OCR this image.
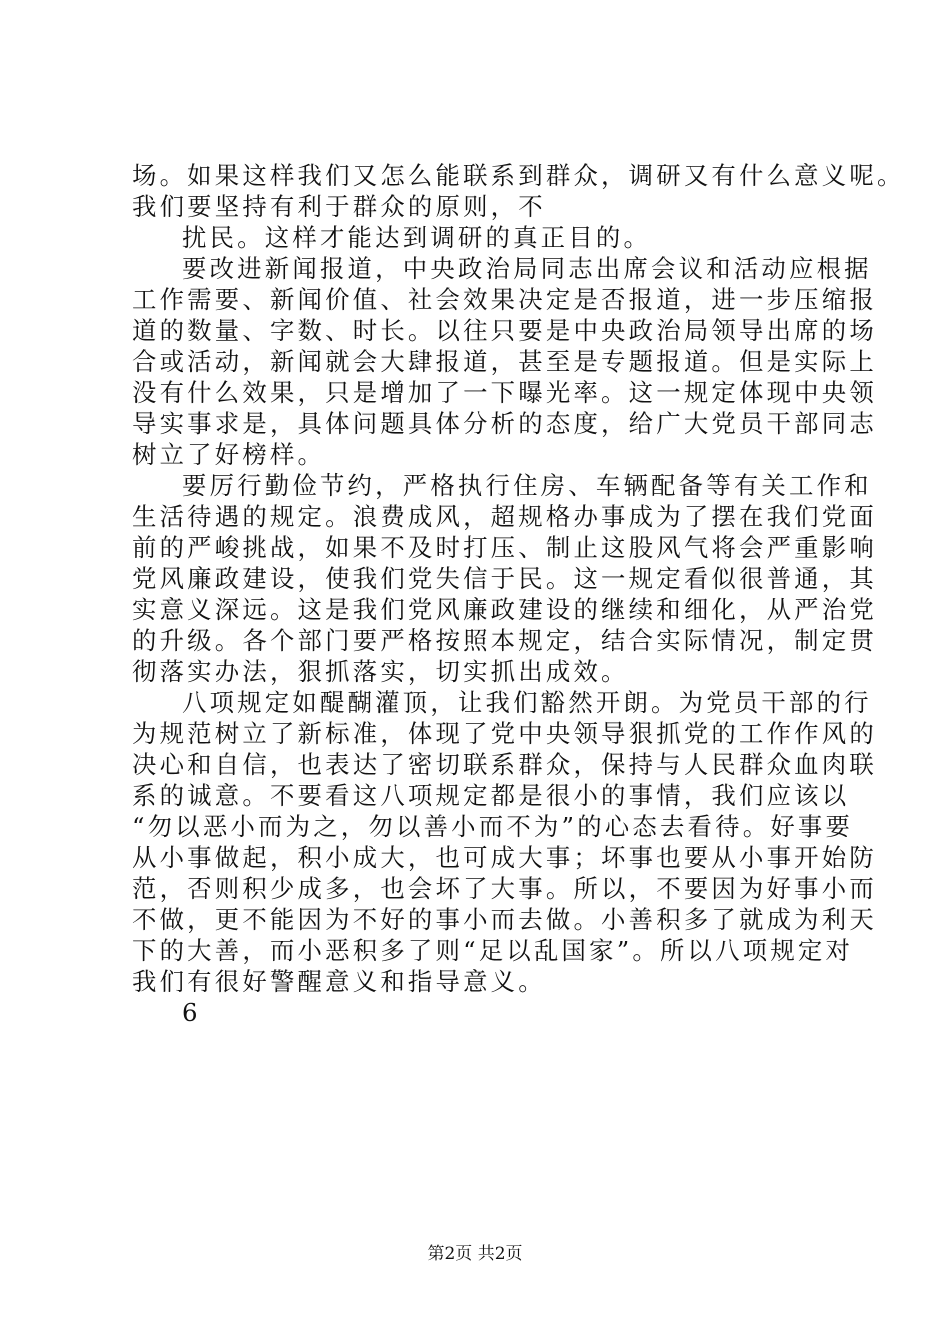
场。如果这样我们又怎么能联系到群众，调研又有什么意义呢。

我们要坚持有利于群众的原则，不

扰民。这样才能达到调研的真正目的。

要改进新闻报道，中央政治局同志出席会议和活动应根据

工作需要、新闻价值、社会效果决定是否报道，进一步压缩报

道的数量、字数、时长。以往只要是中央政治局领导出席的场

合或活动，新闻就会大肆报道，甚至是专题报道。但是实际上

没有什么效果，只是增加了一下曝光率。这一规定体现中央领

导实事求是，具体问题具体分析的态度，给广大党员干部同志

树立了好榜样。

要厉行勤俭节约，严格执行住房、车辆配备等有关工作和

生活待遇的规定。浪费成风，超规格办事成为了摆在我们党面

前的严峻挑战，如果不及时打压、制止这股风气将会严重影响

党风廉政建设，使我们党失信于民。这一规定看似很普通，其

实意义深远。这是我们党风廉政建设的继续和细化，从严治党

的升级。各个部门要严格按照本规定，结合实际情况，制定贯

彻落实办法，狠抓落实，切实抓出成效。

八项规定如醍醐灌顶，让我们豁然开朗。为党员干部的行

为规范树立了新标准，体现了党中央领导狠抓党的工作作风的

决心和自信，也表达了密切联系群众，保持与人民群众血肉联

系的诚意。不要看这八项规定都是很小的事情，我们应该以

“勿以恶小而为之，勿以善小而不为”的心态去看待。好事要

从小事做起，积小成大，也可成大事；坏事也要从小事开始防

范，否则积少成多，也会坏了大事。所以，不要因为好事小而

不做，更不能因为不好的事小而去做。小善积多了就成为利天

下的大善，而小恶积多了则“足以乱国家”。所以八项规定对

我们有很好警醒意义和指导意义。

6

第2页 共2页
